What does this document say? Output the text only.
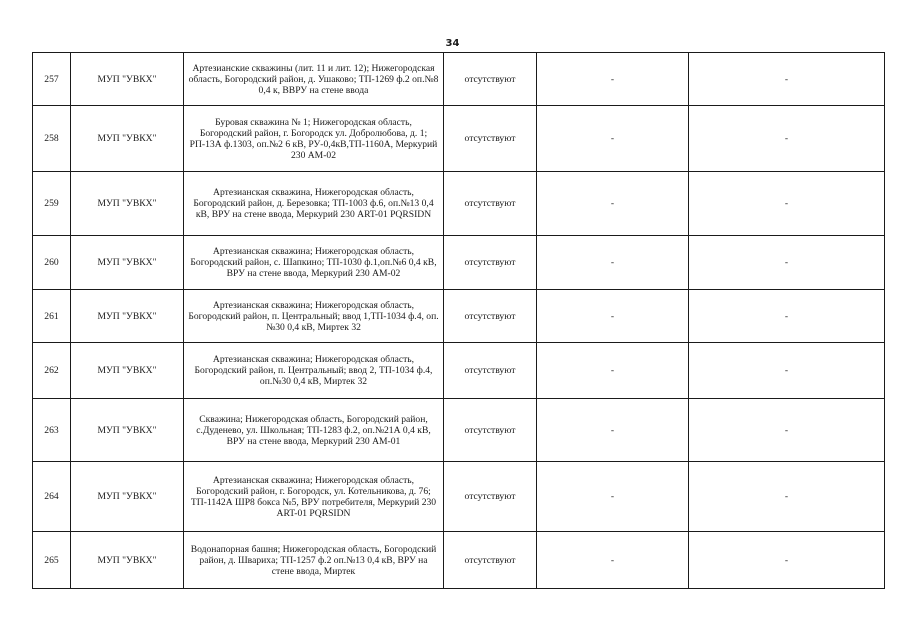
34
257	МУП "УВКХ"	Артезианские скважины (лит. 11 и лит. 12); Нижегородская область, Богородский район, д. Ушаково; ТП-1269 ф.2 оп.№8 0,4 к, ВВРУ на стене ввода	отсутствуют	-	-
258	МУП "УВКХ"	Буровая скважина № 1; Нижегородская область, Богородский район, г. Богородск ул. Добролюбова, д. 1; РП-13А ф.1303, оп.№2 6 кВ, РУ-0,4кВ,ТП-1160А, Меркурий 230 АМ-02	отсутствуют	-	-
259	МУП "УВКХ"	Артезианская скважина, Нижегородская область, Богородский район, д. Березовка; ТП-1003 ф.6, оп.№13 0,4 кВ, ВРУ на стене ввода, Меркурий 230 ART-01 PQRSIDN	отсутствуют	-	-
260	МУП "УВКХ"	Артезианская скважина; Нижегородская область, Богородский район, с. Шапкино; ТП-1030 ф.1,оп.№6 0,4 кВ, ВРУ на стене ввода, Меркурий 230 АМ-02	отсутствуют	-	-
261	МУП "УВКХ"	Артезианская скважина; Нижегородская область, Богородский район, п. Центральный; ввод 1,ТП-1034 ф.4, оп.№30 0,4 кВ, Миртек 32	отсутствуют	-	-
262	МУП "УВКХ"	Артезианская скважина; Нижегородская область, Богородский район, п. Центральный; ввод 2, ТП-1034 ф.4, оп.№30 0,4 кВ, Миртек 32	отсутствуют	-	-
263	МУП "УВКХ"	Скважина; Нижегородская область, Богородский район, с.Дуденево, ул. Школьная; ТП-1283 ф.2, оп.№21А 0,4 кВ, ВРУ на стене ввода, Меркурий 230 АМ-01	отсутствуют	-	-
264	МУП "УВКХ"	Артезианская скважина; Нижегородская область, Богородский район, г. Богородск, ул. Котельникова, д. 76; ТП-1142А ШР8 бокса №5, ВРУ потребителя, Меркурий 230 ART-01 PQRSIDN	отсутствуют	-	-
265	МУП "УВКХ"	Водонапорная башня; Нижегородская область, Богородский район, д. Шварихa; ТП-1257 ф.2 оп.№13 0,4 кВ, ВРУ на стене ввода, Миртек	отсутствуют	-	-
